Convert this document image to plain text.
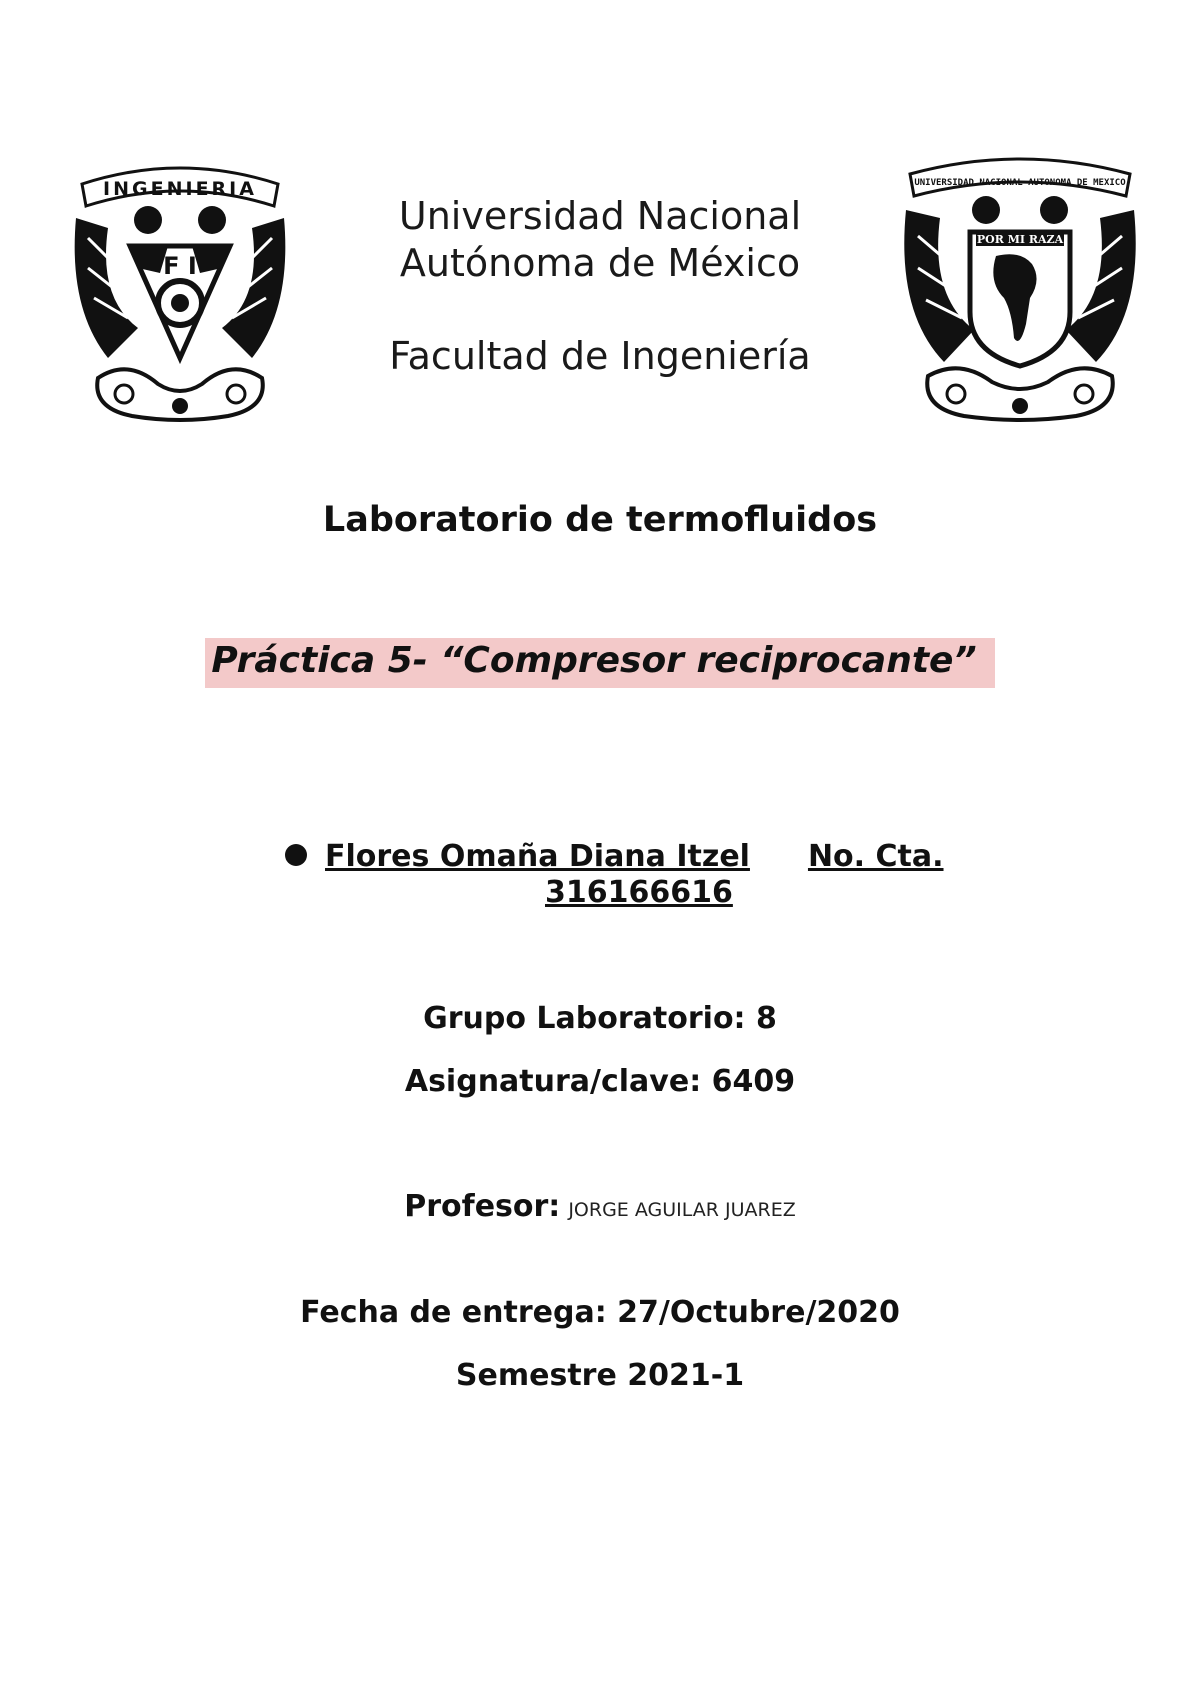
INGENIERIA
F I
UNIVERSIDAD NACIONAL AUTONOMA DE MEXICO
POR MI RAZA
Universidad Nacional
Autónoma de México
Facultad de Ingeniería
Laboratorio de termofluidos
Práctica 5- “Compresor reciprocante”
Flores Omaña Diana Itzel No. Cta.
316166616
Grupo Laboratorio: 8
Asignatura/clave: 6409
Profesor: JORGE AGUILAR JUAREZ
Fecha de entrega: 27/Octubre/2020
Semestre 2021-1
